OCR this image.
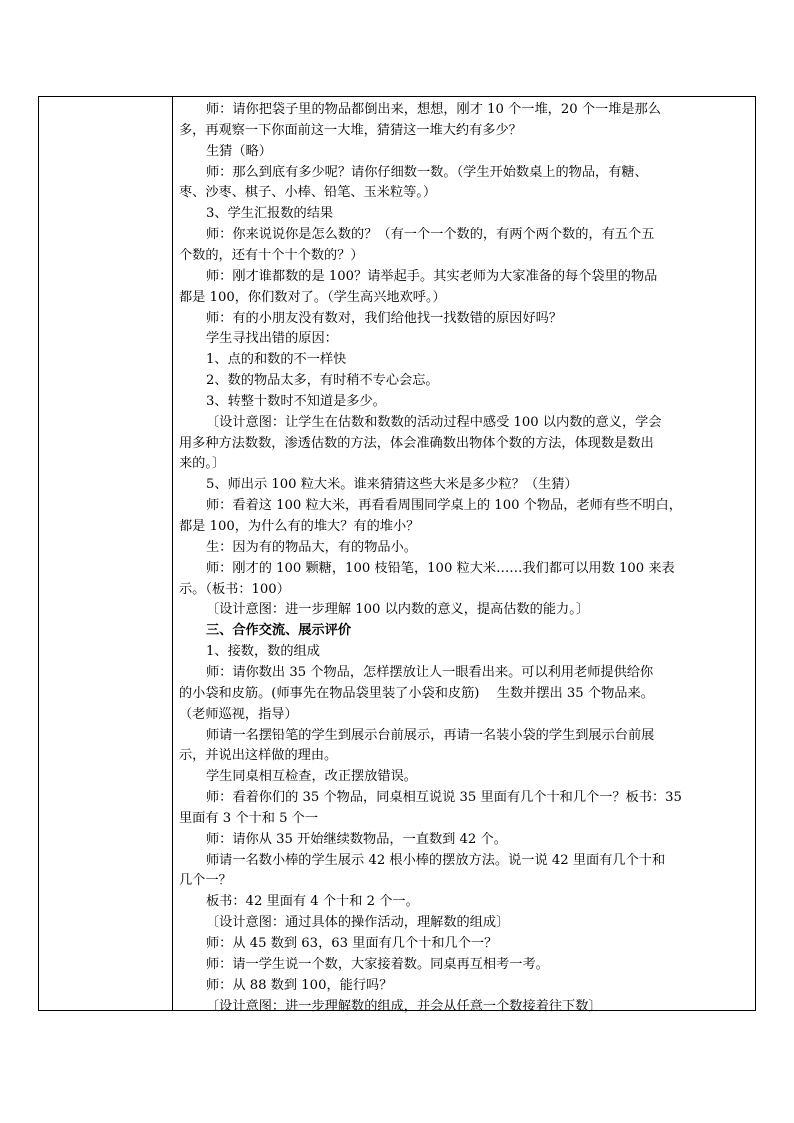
师：请你把袋子里的物品都倒出来，想想，刚才 10 个一堆，20 个一堆是那么
多，再观察一下你面前这一大堆，猜猜这一堆大约有多少？
生猜（略）
师：那么到底有多少呢？请你仔细数一数。（学生开始数桌上的物品，有糖、
枣、沙枣、棋子、小棒、铅笔、玉米粒等。）
3、学生汇报数的结果
师：你来说说你是怎么数的？（有一个一个数的，有两个两个数的，有五个五
个数的，还有十个十个数的？）
师：刚才谁都数的是 100？请举起手。其实老师为大家准备的每个袋里的物品
都是 100，你们数对了。（学生高兴地欢呼。）
师：有的小朋友没有数对，我们给他找一找数错的原因好吗？
学生寻找出错的原因：
1、点的和数的不一样快
2、数的物品太多，有时稍不专心会忘。
3、转整十数时不知道是多少。
〔设计意图：让学生在估数和数数的活动过程中感受 100 以内数的意义，学会
用多种方法数数，渗透估数的方法，体会准确数出物体个数的方法，体现数是数出
来的。〕
5、师出示 100 粒大米。谁来猜猜这些大米是多少粒？（生猜）
师：看着这 100 粒大米，再看看周围同学桌上的 100 个物品，老师有些不明白，
都是 100，为什么有的堆大？有的堆小？
生：因为有的物品大，有的物品小。
师：刚才的 100 颗糖，100 枝铅笔，100 粒大米……我们都可以用数 100 来表
示。（板书：100）
〔设计意图：进一步理解 100 以内数的意义，提高估数的能力。〕
三、合作交流、展示评价
1、接数，数的组成
师：请你数出 35 个物品，怎样摆放让人一眼看出来。可以利用老师提供给你
的小袋和皮筋。(师事先在物品袋里装了小袋和皮筋)　 生数并摆出 35 个物品来。
（老师巡视，指导）
师请一名摆铅笔的学生到展示台前展示，再请一名装小袋的学生到展示台前展
示，并说出这样做的理由。
学生同桌相互检查，改正摆放错误。
师：看着你们的 35 个物品，同桌相互说说 35 里面有几个十和几个一？板书：35
里面有 3 个十和 5 个一
师：请你从 35 开始继续数物品，一直数到 42 个。
师请一名数小棒的学生展示 42 根小棒的摆放方法。说一说 42 里面有几个十和
几个一？
板书：42 里面有 4 个十和 2 个一。
〔设计意图：通过具体的操作活动，理解数的组成〕
师：从 45 数到 63，63 里面有几个十和几个一？
师：请一学生说一个数，大家接着数。同桌再互相考一考。
师：从 88 数到 100，能行吗？
〔设计意图：进一步理解数的组成，并会从任意一个数接着往下数〕
